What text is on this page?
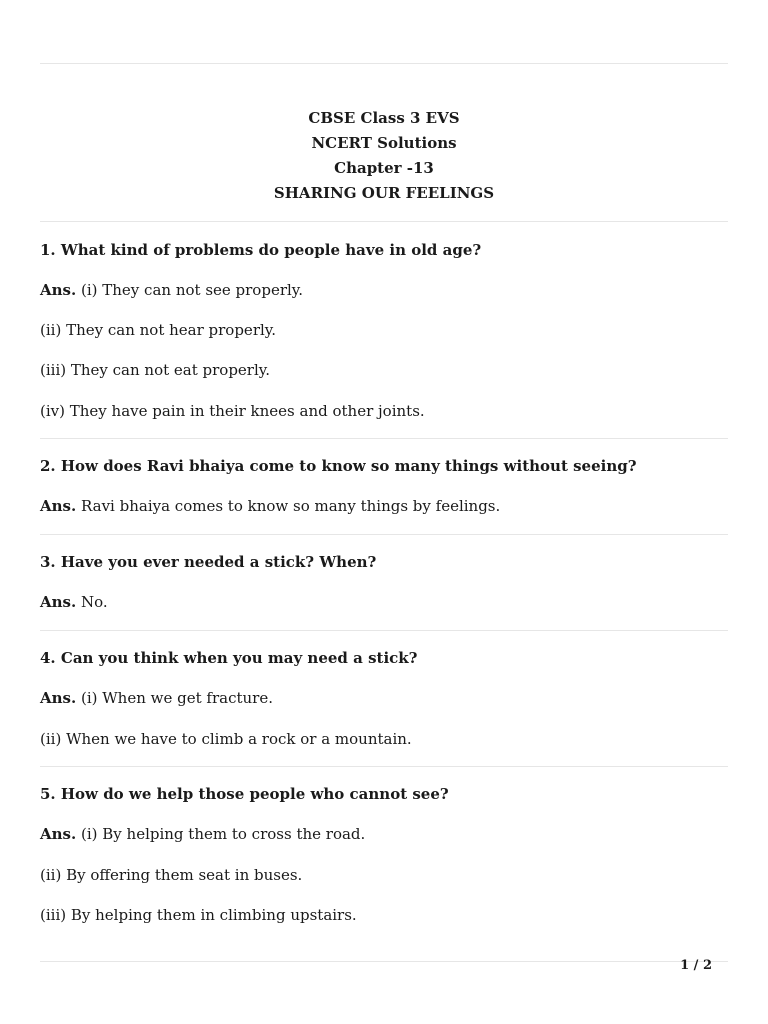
CBSE Class 3 EVS
NCERT Solutions
Chapter -13
SHARING OUR FEELINGS
1. What kind of problems do people have in old age?
Ans. (i) They can not see properly.
(ii) They can not hear properly.
(iii) They can not eat properly.
(iv) They have pain in their knees and other joints.
2. How does Ravi bhaiya come to know so many things without seeing?
Ans. Ravi bhaiya comes to know so many things by feelings.
3. Have you ever needed a stick? When?
Ans. No.
4. Can you think when you may need a stick?
Ans. (i) When we get fracture.
(ii) When we have to climb a rock or a mountain.
5. How do we help those people who cannot see?
Ans. (i) By helping them to cross the road.
(ii) By offering them seat in buses.
(iii) By helping them in climbing upstairs.
1 / 2
